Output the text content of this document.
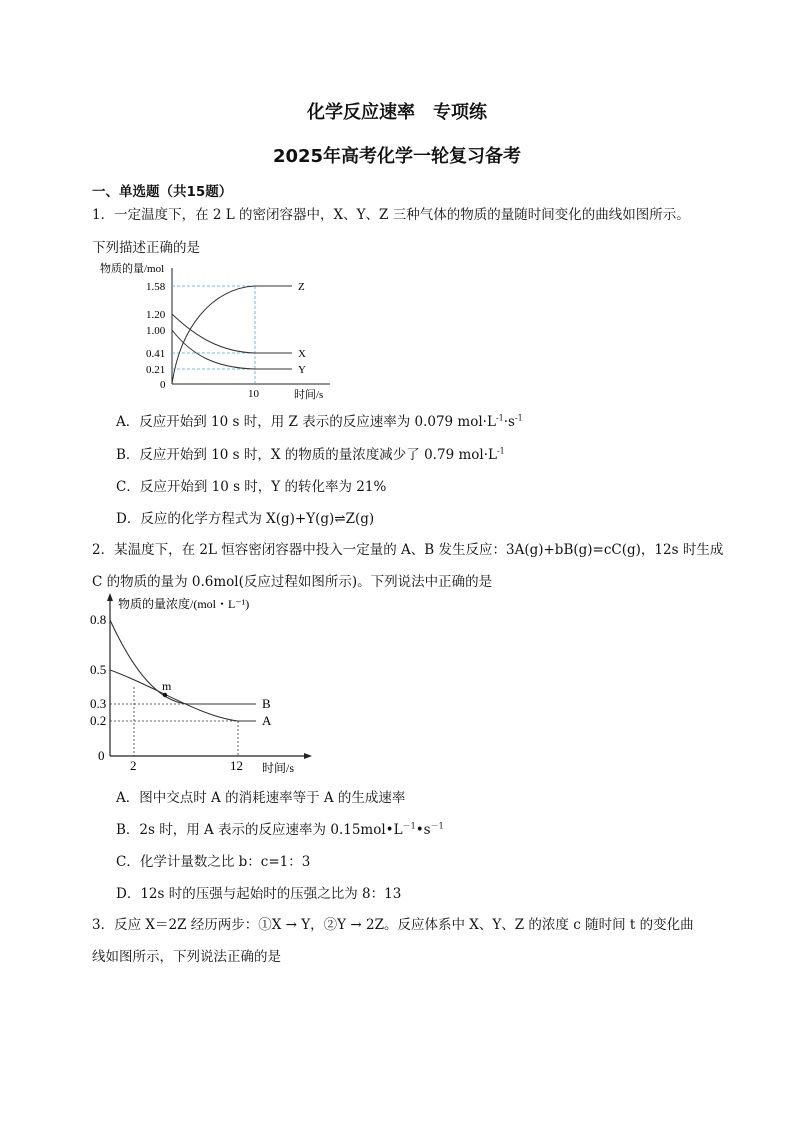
化学反应速率　专项练
2025年高考化学一轮复习备考
一、单选题（共15题）
1．一定温度下，在 2 L 的密闭容器中，X、Y、Z 三种气体的物质的量随时间变化的曲线如图所示。
下列描述正确的是
物质的量/mol
1.58
1.20
1.00
0.41
0.21
0
10	时间/s
Z
X
Y
A．反应开始到 10 s 时，用 Z 表示的反应速率为 0.079 $mol\cdot L^{-1}\cdot s^{-1}$
B．反应开始到 10 s 时，X 的物质的量浓度减少了 0.79 $mol\cdot L^{-1}$
C．反应开始到 10 s 时，Y 的转化率为 21%
D．反应的化学方程式为 X(g)+Y(g)⇌Z(g)
2．某温度下，在 2L 恒容密闭容器中投入一定量的 A、B 发生反应：3A(g)+bB(g)=cC(g)，12s 时生成
C 的物质的量为 0.6mol(反应过程如图所示)。下列说法中正确的是
物质的量浓度/(mol・L⁻¹)
0.8
0.5
0.3
0.2
0
2	12 时间/s
m
B
A
A．图中交点时 A 的消耗速率等于 A 的生成速率
B．2s 时，用 A 表示的反应速率为 $0.15mol•L^{-1}•s^{-1}$
C．化学计量数之比 b：c=1：3
D．12s 时的压强与起始时的压强之比为 8：13
3．反应 X＝2Z 经历两步：①X → Y，②Y → 2Z。反应体系中 X、Y、Z 的浓度 c 随时间 t 的变化曲
线如图所示，下列说法正确的是
